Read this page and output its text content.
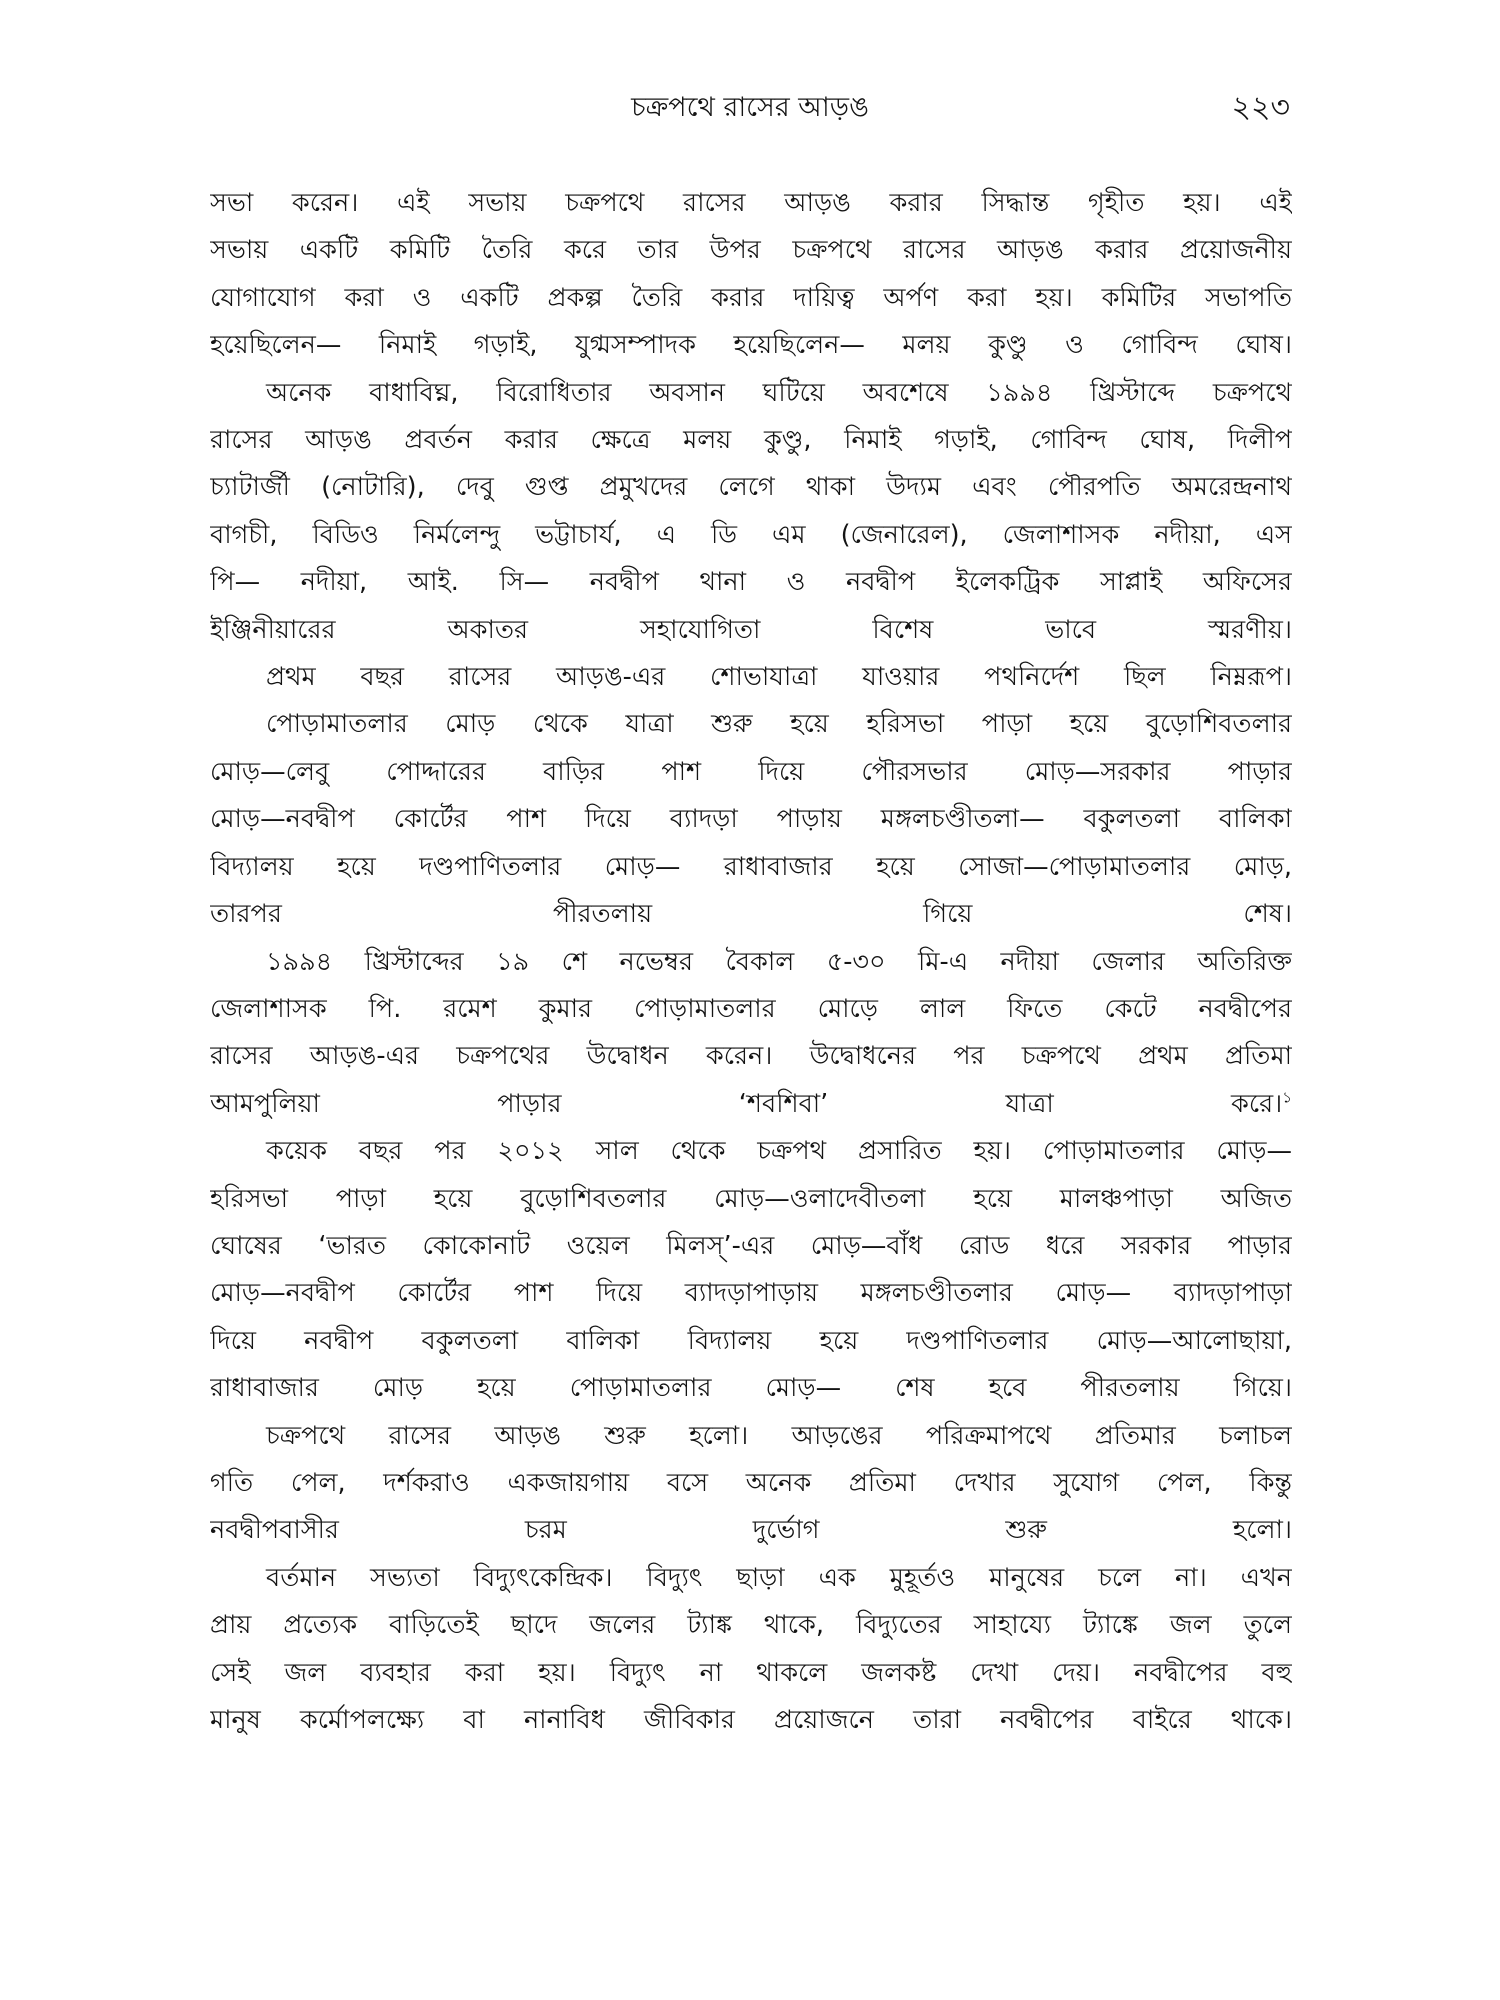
চক্রপথে রাসের আড়ঙ	২২৩

সভা করেন। এই সভায় চক্রপথে রাসের আড়ঙ করার সিদ্ধান্ত গৃহীত হয়। এই
সভায় একটি কমিটি তৈরি করে তার উপর চক্রপথে রাসের আড়ঙ করার প্রয়োজনীয়
যোগাযোগ করা ও একটি প্রকল্প তৈরি করার দায়িত্ব অর্পণ করা হয়। কমিটির সভাপতি
হয়েছিলেন— নিমাই গড়াই, যুগ্মসম্পাদক হয়েছিলেন— মলয় কুণ্ডু ও গোবিন্দ ঘোষ।

অনেক বাধাবিঘ্ন, বিরোধিতার অবসান ঘটিয়ে অবশেষে ১৯৯৪ খ্রিস্টাব্দে চক্রপথে
রাসের আড়ঙ প্রবর্তন করার ক্ষেত্রে মলয় কুণ্ডু, নিমাই গড়াই, গোবিন্দ ঘোষ, দিলীপ
চ্যাটার্জী (নোটারি), দেবু গুপ্ত প্রমুখদের লেগে থাকা উদ্যম এবং পৌরপতি অমরেন্দ্রনাথ
বাগচী, বিডিও নির্মলেন্দু ভট্টাচার্য, এ ডি এম (জেনারেল), জেলাশাসক নদীয়া, এস
পি— নদীয়া, আই. সি— নবদ্বীপ থানা ও নবদ্বীপ ইলেকট্রিক সাপ্লাই অফিসের
ইঞ্জিনীয়ারের অকাতর সহাযোগিতা বিশেষ ভাবে স্মরণীয়।

প্রথম বছর রাসের আড়ঙ-এর শোভাযাত্রা যাওয়ার পথনির্দেশ ছিল নিম্নরূপ।

পোড়ামাতলার মোড় থেকে যাত্রা শুরু হয়ে হরিসভা পাড়া হয়ে বুড়োশিবতলার
মোড়—লেবু পোদ্দারের বাড়ির পাশ দিয়ে পৌরসভার মোড়—সরকার পাড়ার
মোড়—নবদ্বীপ কোর্টের পাশ দিয়ে ব্যাদড়া পাড়ায় মঙ্গলচণ্ডীতলা— বকুলতলা বালিকা
বিদ্যালয় হয়ে দণ্ডপাণিতলার মোড়— রাধাবাজার হয়ে সোজা—পোড়ামাতলার মোড়,
তারপর পীরতলায় গিয়ে শেষ।

১৯৯৪ খ্রিস্টাব্দের ১৯ শে নভেম্বর বৈকাল ৫-৩০ মি-এ নদীয়া জেলার অতিরিক্ত
জেলাশাসক পি. রমেশ কুমার পোড়ামাতলার মোড়ে লাল ফিতে কেটে নবদ্বীপের
রাসের আড়ঙ-এর চক্রপথের উদ্বোধন করেন। উদ্বোধনের পর চক্রপথে প্রথম প্রতিমা
আমপুলিয়া পাড়ার ‘শবশিবা’ যাত্রা করে।$^১$

কয়েক বছর পর ২০১২ সাল থেকে চক্রপথ প্রসারিত হয়। পোড়ামাতলার মোড়—
হরিসভা পাড়া হয়ে বুড়োশিবতলার মোড়—ওলাদেবীতলা হয়ে মালঞ্চপাড়া অজিত
ঘোষের ‘ভারত কোকোনাট ওয়েল মিলস্’-এর মোড়—বাঁধ রোড ধরে সরকার পাড়ার
মোড়—নবদ্বীপ কোর্টের পাশ দিয়ে ব্যাদড়াপাড়ায় মঙ্গলচণ্ডীতলার মোড়— ব্যাদড়াপাড়া
দিয়ে নবদ্বীপ বকুলতলা বালিকা বিদ্যালয় হয়ে দণ্ডপাণিতলার মোড়—আলোছায়া,
রাধাবাজার মোড় হয়ে পোড়ামাতলার মোড়— শেষ হবে পীরতলায় গিয়ে।

চক্রপথে রাসের আড়ঙ শুরু হলো। আড়ঙের পরিক্রমাপথে প্রতিমার চলাচল
গতি পেল, দর্শকরাও একজায়গায় বসে অনেক প্রতিমা দেখার সুযোগ পেল, কিন্তু
নবদ্বীপবাসীর চরম দুর্ভোগ শুরু হলো।

বর্তমান সভ্যতা বিদ্যুৎকেন্দ্রিক। বিদ্যুৎ ছাড়া এক মুহূর্তও মানুষের চলে না। এখন
প্রায় প্রত্যেক বাড়িতেই ছাদে জলের ট্যাঙ্ক থাকে, বিদ্যুতের সাহায্যে ট্যাঙ্কে জল তুলে
সেই জল ব্যবহার করা হয়। বিদ্যুৎ না থাকলে জলকষ্ট দেখা দেয়। নবদ্বীপের বহু
মানুষ কর্মোপলক্ষ্যে বা নানাবিধ জীবিকার প্রয়োজনে তারা নবদ্বীপের বাইরে থাকে।
